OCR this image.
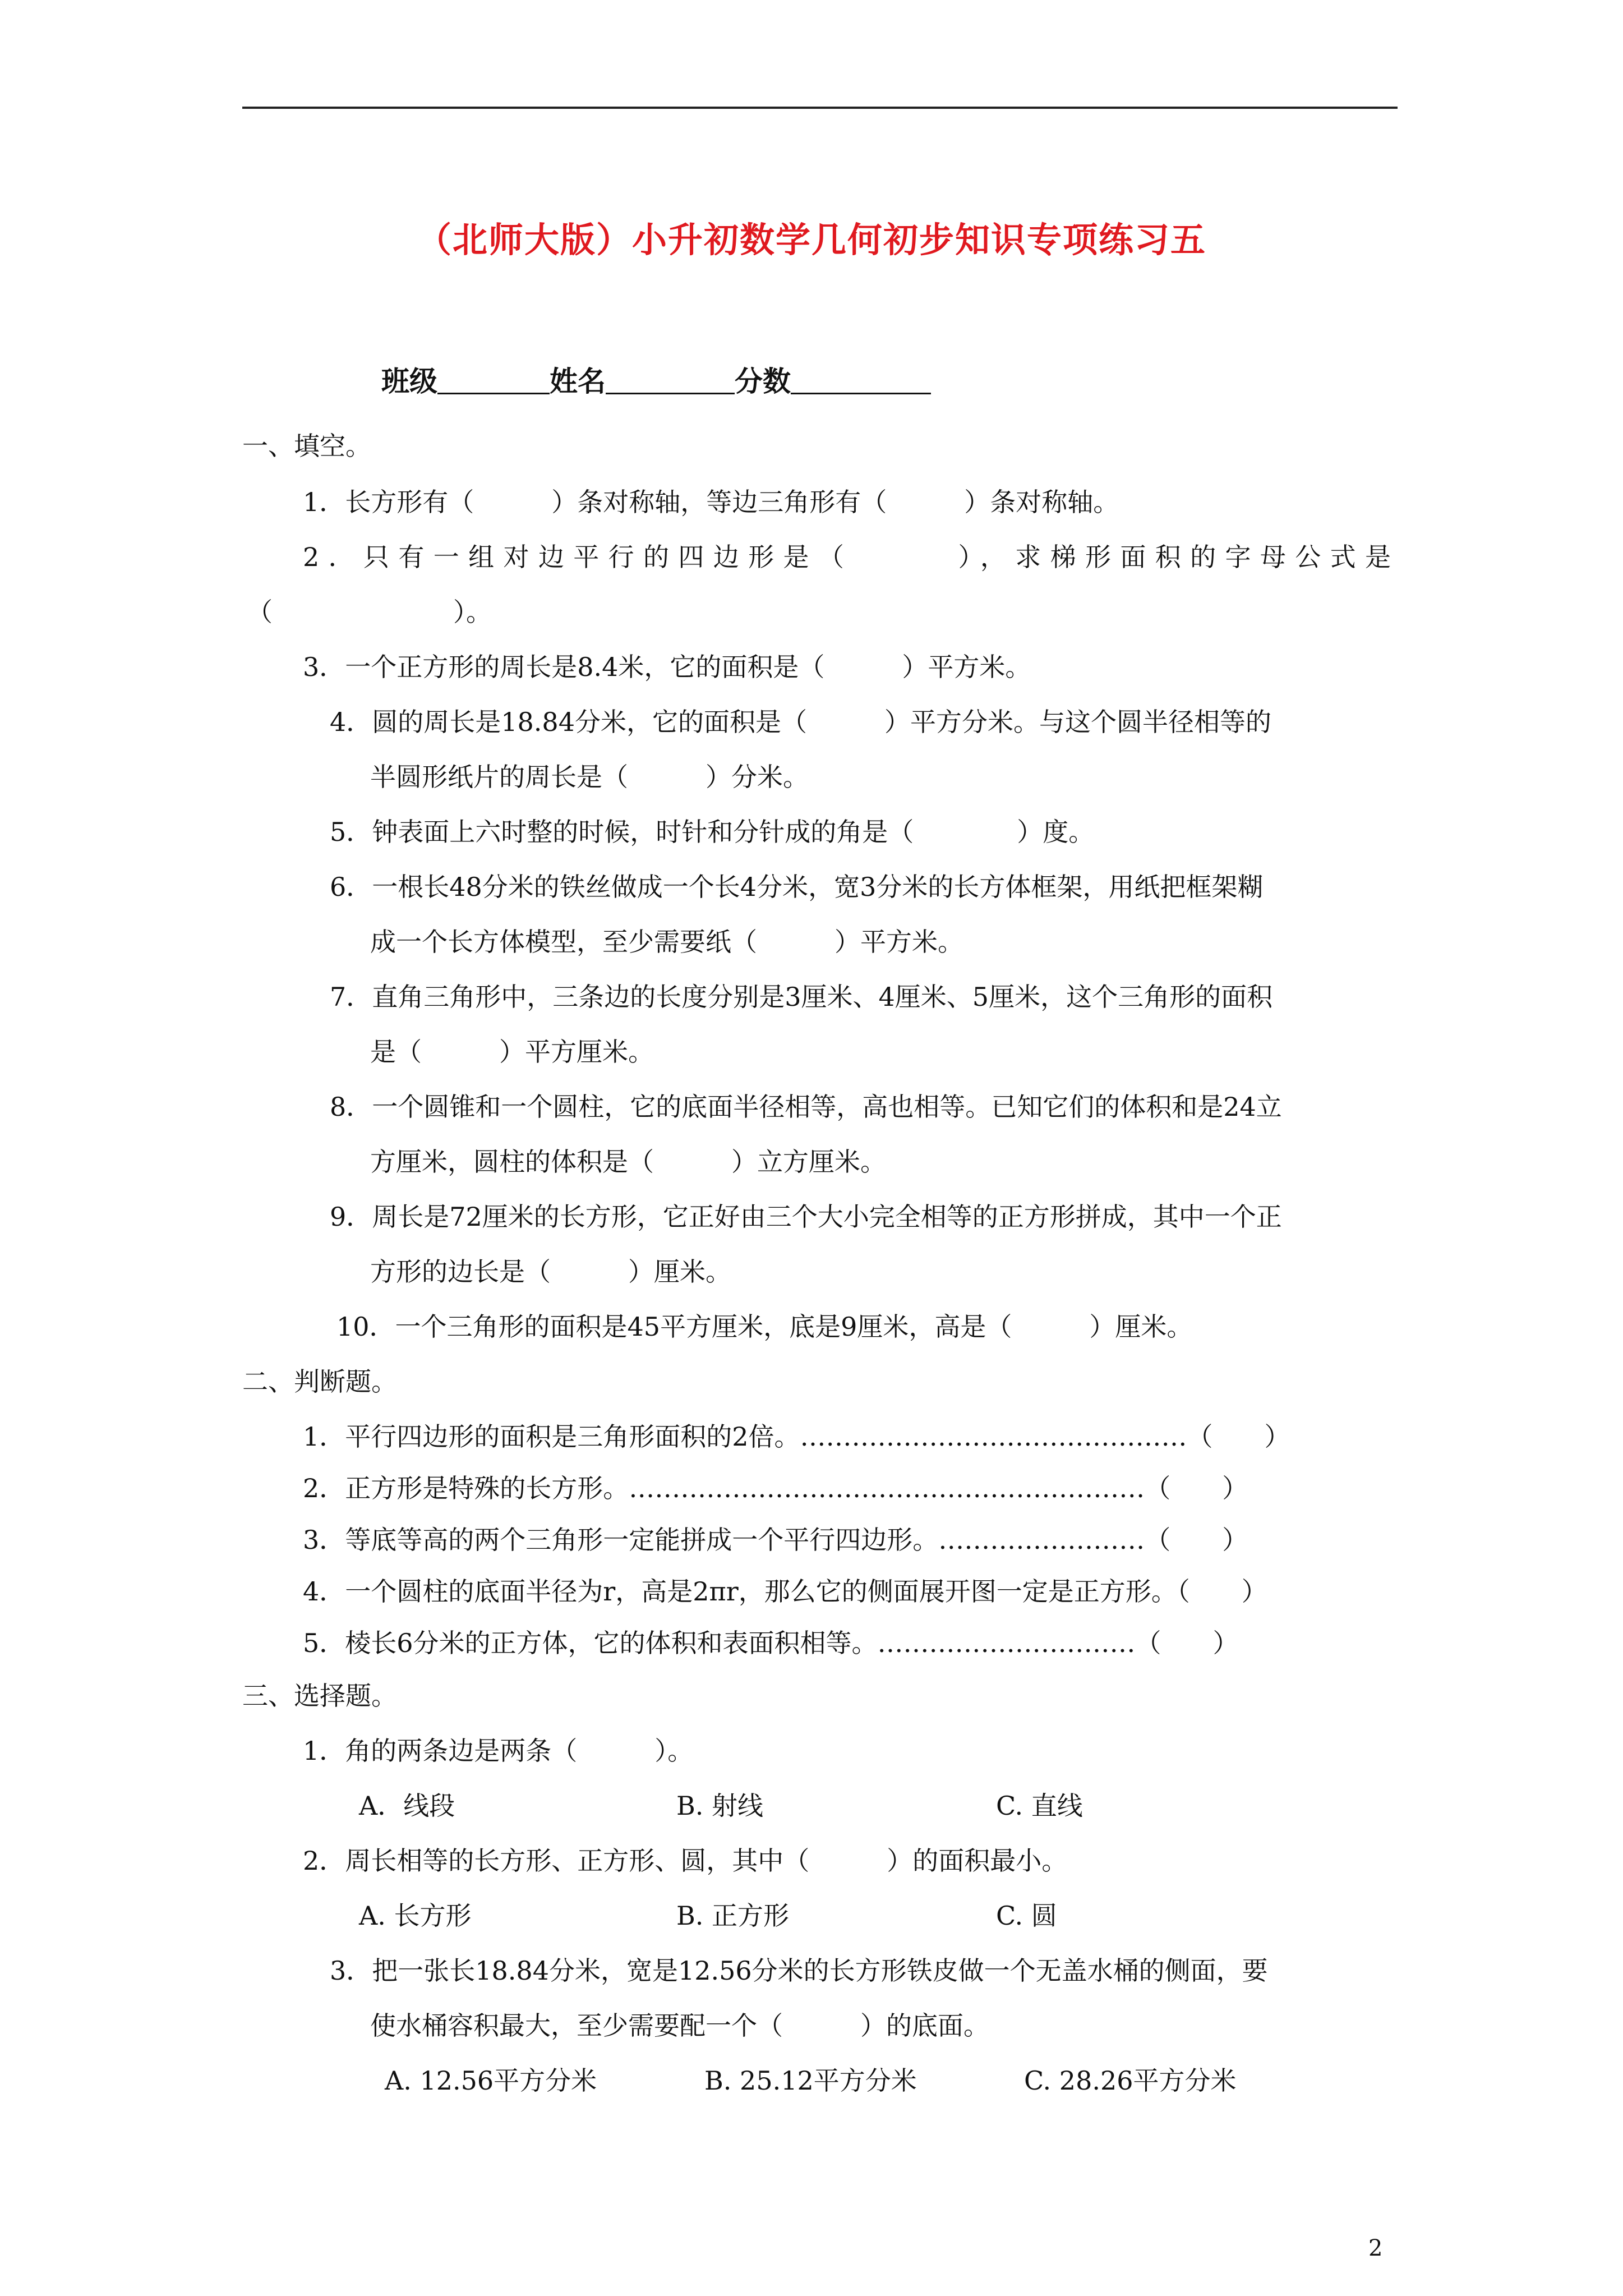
（北师大版）小升初数学几何初步知识专项练习五
班级	姓名	分数
一、填空。
1．长方形有（　　　）条对称轴，等边三角形有（　　　）条对称轴。
2．只有一组对边平行的四边形是（　　　），求梯形面积的字母公式是
（　　　　　　　）。
3．一个正方形的周长是8.4米，它的面积是（　　　）平方米。
4．圆的周长是18.84分米，它的面积是（　　　）平方分米。与这个圆半径相等的
半圆形纸片的周长是（　　　）分米。
5．钟表面上六时整的时候，时针和分针成的角是（　　　　）度。
6．一根长48分米的铁丝做成一个长4分米，宽3分米的长方体框架，用纸把框架糊
成一个长方体模型，至少需要纸（　　　）平方米。
7．直角三角形中，三条边的长度分别是3厘米、4厘米、5厘米，这个三角形的面积
是（　　　）平方厘米。
8．一个圆锥和一个圆柱，它的底面半径相等，高也相等。已知它们的体积和是24立
方厘米，圆柱的体积是（　　　）立方厘米。
9．周长是72厘米的长方形，它正好由三个大小完全相等的正方形拼成，其中一个正
方形的边长是（　　　）厘米。
10．一个三角形的面积是45平方厘米，底是9厘米，高是（　　　）厘米。
二、判断题。
1．平行四边形的面积是三角形面积的2倍。………………………………………（　　）
2．正方形是特殊的长方形。……………………………………………………（　　）
3．等底等高的两个三角形一定能拼成一个平行四边形。……………………（　　）
4．一个圆柱的底面半径为r，高是2πr，那么它的侧面展开图一定是正方形。（　　）
5．棱长6分米的正方体，它的体积和表面积相等。…………………………（　　）
三、选择题。
1．角的两条边是两条（　　　）。
A．线段	B. 射线	C. 直线
2．周长相等的长方形、正方形、圆，其中（　　　）的面积最小。
A. 长方形	B. 正方形	C. 圆
3．把一张长18.84分米，宽是12.56分米的长方形铁皮做一个无盖水桶的侧面，要
使水桶容积最大，至少需要配一个（　　　）的底面。
A. 12.56平方分米	B. 25.12平方分米	C. 28.26平方分米
2
